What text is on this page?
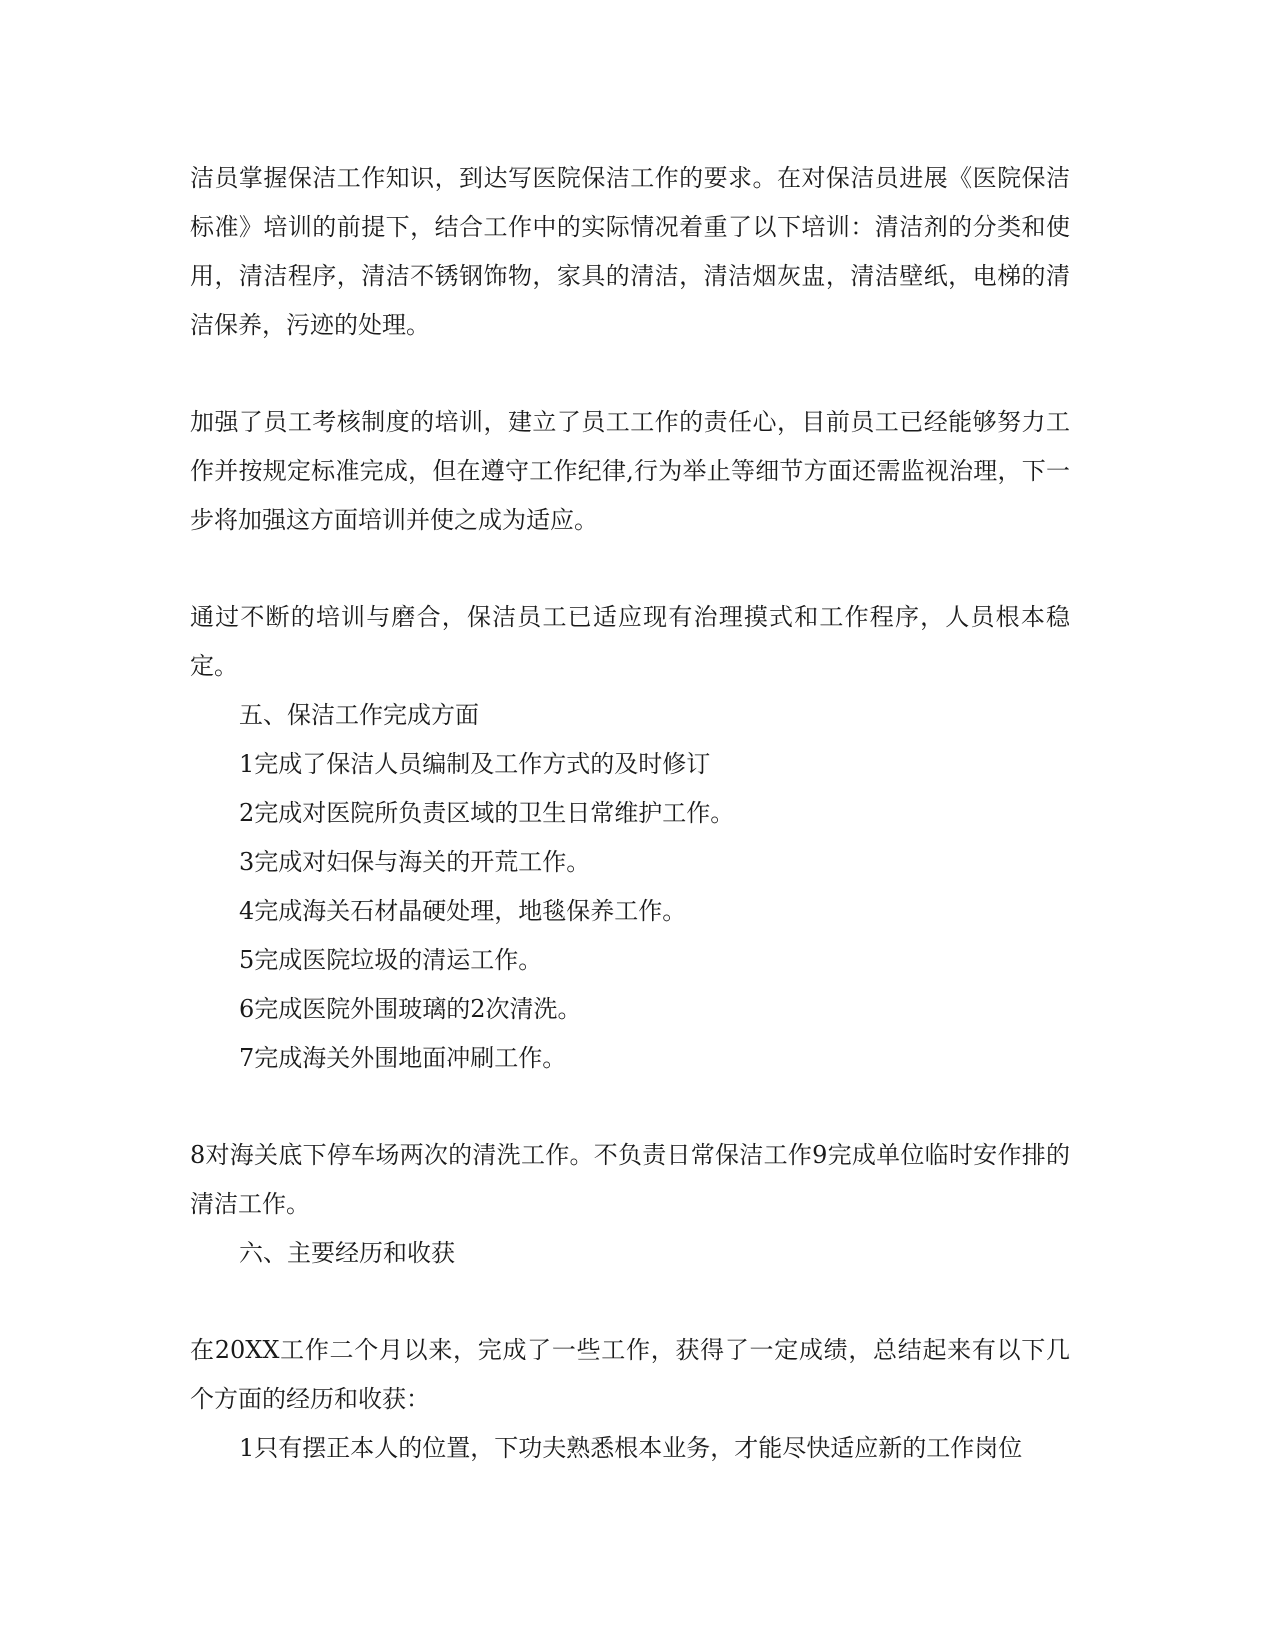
洁员掌握保洁工作知识，到达写医院保洁工作的要求。在对保洁员进展《医院保洁标准》培训的前提下，结合工作中的实际情况着重了以下培训：清洁剂的分类和使用，清洁程序，清洁不锈钢饰物，家具的清洁，清洁烟灰盅，清洁壁纸，电梯的清洁保养，污迹的处理。

加强了员工考核制度的培训，建立了员工工作的责任心，目前员工已经能够努力工作并按规定标准完成，但在遵守工作纪律,行为举止等细节方面还需监视治理，下一步将加强这方面培训并使之成为适应。

通过不断的培训与磨合，保洁员工已适应现有治理摸式和工作程序，人员根本稳定。

五、保洁工作完成方面

1完成了保洁人员编制及工作方式的及时修订

2完成对医院所负责区域的卫生日常维护工作。

3完成对妇保与海关的开荒工作。

4完成海关石材晶硬处理，地毯保养工作。

5完成医院垃圾的清运工作。

6完成医院外围玻璃的2次清洗。

7完成海关外围地面冲刷工作。

8对海关底下停车场两次的清洗工作。不负责日常保洁工作9完成单位临时安作排的清洁工作。

六、主要经历和收获

在20XX工作二个月以来，完成了一些工作，获得了一定成绩，总结起来有以下几个方面的经历和收获：

1只有摆正本人的位置，下功夫熟悉根本业务，才能尽快适应新的工作岗位
